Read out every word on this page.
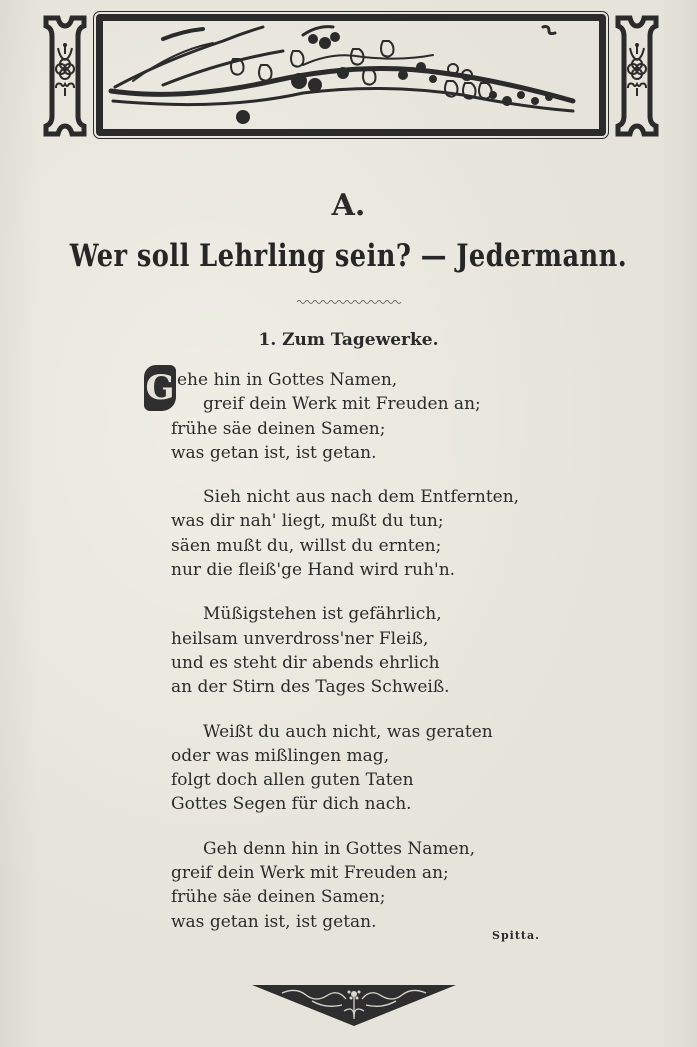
A.
Wer soll Lehrling sein? — Jedermann.
1. Zum Tagewerke.
G ehe hin in Gottes Namen,
greif dein Werk mit Freuden an;
frühe säe deinen Samen;
was getan ist, ist getan.
Sieh nicht aus nach dem Entfernten,
was dir nah' liegt, mußt du tun;
säen mußt du, willst du ernten;
nur die fleiß'ge Hand wird ruh'n.
Müßigstehen ist gefährlich,
heilsam unverdross'ner Fleiß,
und es steht dir abends ehrlich
an der Stirn des Tages Schweiß.
Weißt du auch nicht, was geraten
oder was mißlingen mag,
folgt doch allen guten Taten
Gottes Segen für dich nach.
Geh denn hin in Gottes Namen,
greif dein Werk mit Freuden an;
frühe säe deinen Samen;
was getan ist, ist getan.
Spitta.
